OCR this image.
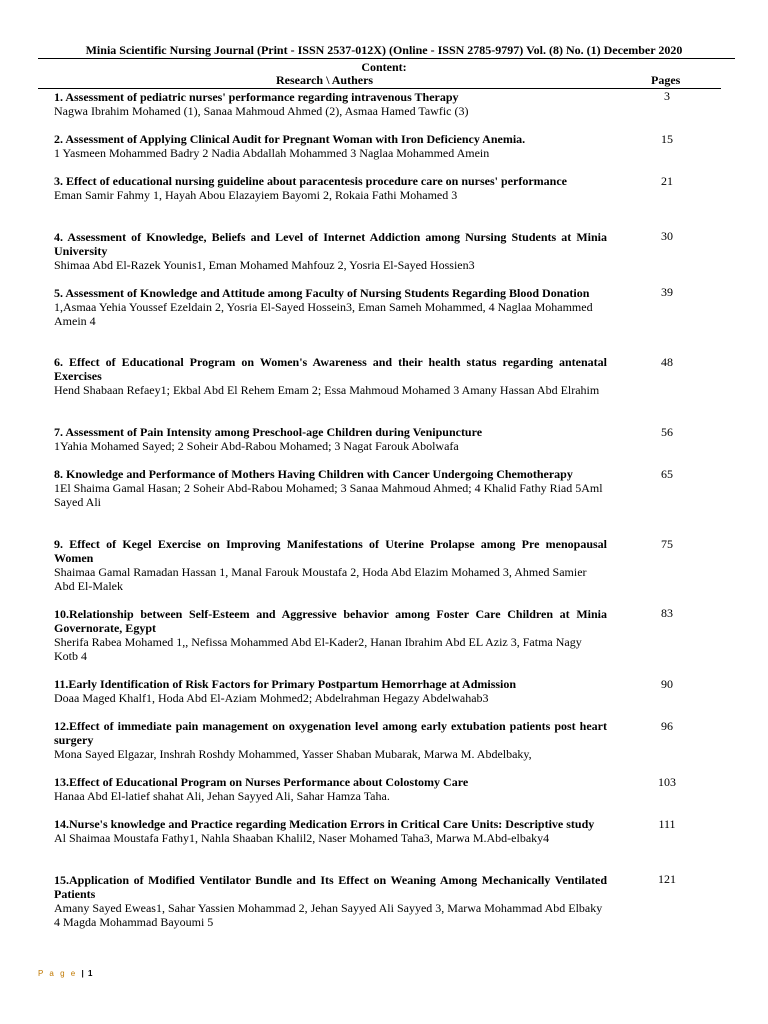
Minia Scientific Nursing Journal (Print - ISSN 2537-012X) (Online - ISSN 2785-9797) Vol. (8) No. (1) December 2020
Content:
Research \ Authers	Pages
1. Assessment of pediatric nurses' performance regarding intravenous Therapy
Nagwa Ibrahim Mohamed (1), Sanaa Mahmoud Ahmed (2), Asmaa Hamed Tawfic (3)
3
2. Assessment of Applying Clinical Audit for Pregnant Woman with Iron Deficiency Anemia.
1 Yasmeen Mohammed Badry 2 Nadia Abdallah Mohammed 3 Naglaa Mohammed Amein
15
3. Effect of educational nursing guideline about paracentesis procedure care on nurses' performance
Eman Samir Fahmy 1, Hayah Abou Elazayiem Bayomi 2, Rokaia Fathi Mohamed 3
21
4. Assessment of Knowledge, Beliefs and Level of Internet Addiction among Nursing Students at Minia University
Shimaa Abd El-Razek Younis1, Eman Mohamed Mahfouz 2, Yosria El-Sayed Hossien3
30
5. Assessment of Knowledge and Attitude among Faculty of Nursing Students Regarding Blood Donation
1,Asmaa Yehia Youssef Ezeldain 2, Yosria El-Sayed Hossein3, Eman Sameh Mohammed, 4 Naglaa Mohammed Amein 4
39
6. Effect of Educational Program on Women's Awareness and their health status regarding antenatal Exercises
Hend Shabaan Refaey1; Ekbal Abd El Rehem Emam 2; Essa Mahmoud Mohamed 3 Amany Hassan Abd Elrahim
48
7. Assessment of Pain Intensity among Preschool-age Children during Venipuncture
1Yahia Mohamed Sayed; 2 Soheir Abd-Rabou Mohamed; 3 Nagat Farouk Abolwafa
56
8. Knowledge and Performance of Mothers Having Children with Cancer Undergoing Chemotherapy
1El Shaima Gamal Hasan; 2 Soheir Abd-Rabou Mohamed; 3 Sanaa Mahmoud Ahmed; 4 Khalid Fathy Riad 5Aml Sayed Ali
65
9. Effect of Kegel Exercise on Improving Manifestations of Uterine Prolapse among Pre menopausal Women
Shaimaa Gamal Ramadan Hassan 1, Manal Farouk Moustafa 2, Hoda Abd Elazim Mohamed 3, Ahmed Samier Abd El-Malek
75
10.Relationship between Self-Esteem and Aggressive behavior among Foster Care Children at Minia Governorate, Egypt
Sherifa Rabea Mohamed 1,, Nefissa Mohammed Abd El-Kader2, Hanan Ibrahim Abd EL Aziz 3, Fatma Nagy Kotb 4
83
11.Early Identification of Risk Factors for Primary Postpartum Hemorrhage at Admission
Doaa Maged Khalf1, Hoda Abd El-Aziam Mohmed2; Abdelrahman Hegazy Abdelwahab3
90
12.Effect of immediate pain management on oxygenation level among early extubation patients post heart surgery
Mona Sayed Elgazar, Inshrah Roshdy Mohammed, Yasser Shaban Mubarak, Marwa M. Abdelbaky,
96
13.Effect of Educational Program on Nurses Performance about Colostomy Care
Hanaa Abd El-latief shahat Ali, Jehan Sayyed Ali, Sahar Hamza Taha.
103
14.Nurse's knowledge and Practice regarding Medication Errors in Critical Care Units: Descriptive study
Al Shaimaa Moustafa Fathy1, Nahla Shaaban Khalil2, Naser Mohamed Taha3, Marwa M.Abd-elbaky4
111
15.Application of Modified Ventilator Bundle and Its Effect on Weaning Among Mechanically Ventilated Patients
Amany Sayed Eweas1, Sahar Yassien Mohammad 2, Jehan Sayyed Ali Sayyed 3, Marwa Mohammad Abd Elbaky 4 Magda Mohammad Bayoumi 5
121
P a g e | 1
